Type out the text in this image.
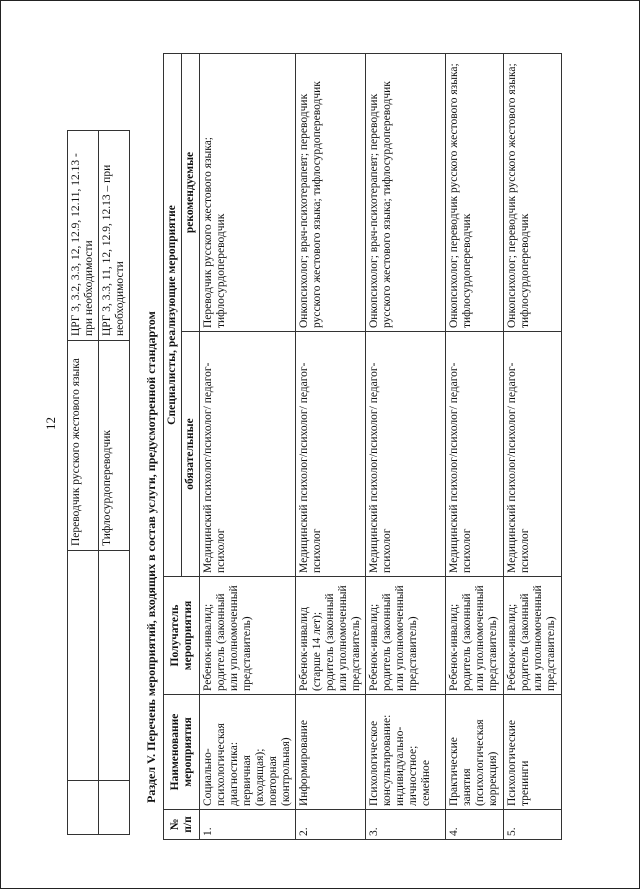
12
		Переводчик русского жестового языка	ЦРГ 3, 3.2, 3.3, 12, 12.9, 12.11, 12.13 - при необходимости
		Тифлосурдопереводчик	ЦРГ 3, 3.3, 11, 12, 12.9, 12.13 – при необходимости
Раздел V. Перечень мероприятий, входящих в состав услуги, предусмотренной стандартом
№ п/п	Наименование мероприятия	Получатель мероприятия	Специалисты, реализующие мероприятие	
			обязательные	рекомендуемые
1.	Социально-психологическая диагностика: первичная (входящая); повторная (контрольная)	Ребенок-инвалид; родитель (законный или уполномоченный представитель)	Медицинский психолог/психолог/ педагог-психолог	Переводчик русского жестового языка; тифлосурдопереводчик
2.	Информирование	Ребенок-инвалид (старше 14 лет); родитель (законный или уполномоченный представитель)	Медицинский психолог/психолог/ педагог-психолог	Онкопсихолог; врач-психотерапевт; переводчик русского жестового языка; тифлосурдопереводчик
3.	Психологическое консультирование: индивидуально-личностное; семейное	Ребенок-инвалид; родитель (законный или уполномоченный представитель)	Медицинский психолог/психолог/ педагог-психолог	Онкопсихолог; врач-психотерапевт; переводчик русского жестового языка; тифлосурдопереводчик
4.	Практические занятия (психологическая коррекция)	Ребенок-инвалид; родитель (законный или уполномоченный представитель)	Медицинский психолог/психолог/ педагог-психолог	Онкопсихолог; переводчик русского жестового языка; тифлосурдопереводчик
5.	Психологические тренинги	Ребенок-инвалид; родитель (законный или уполномоченный представитель)	Медицинский психолог/психолог/ педагог-психолог	Онкопсихолог; переводчик русского жестового языка; тифлосурдопереводчик
